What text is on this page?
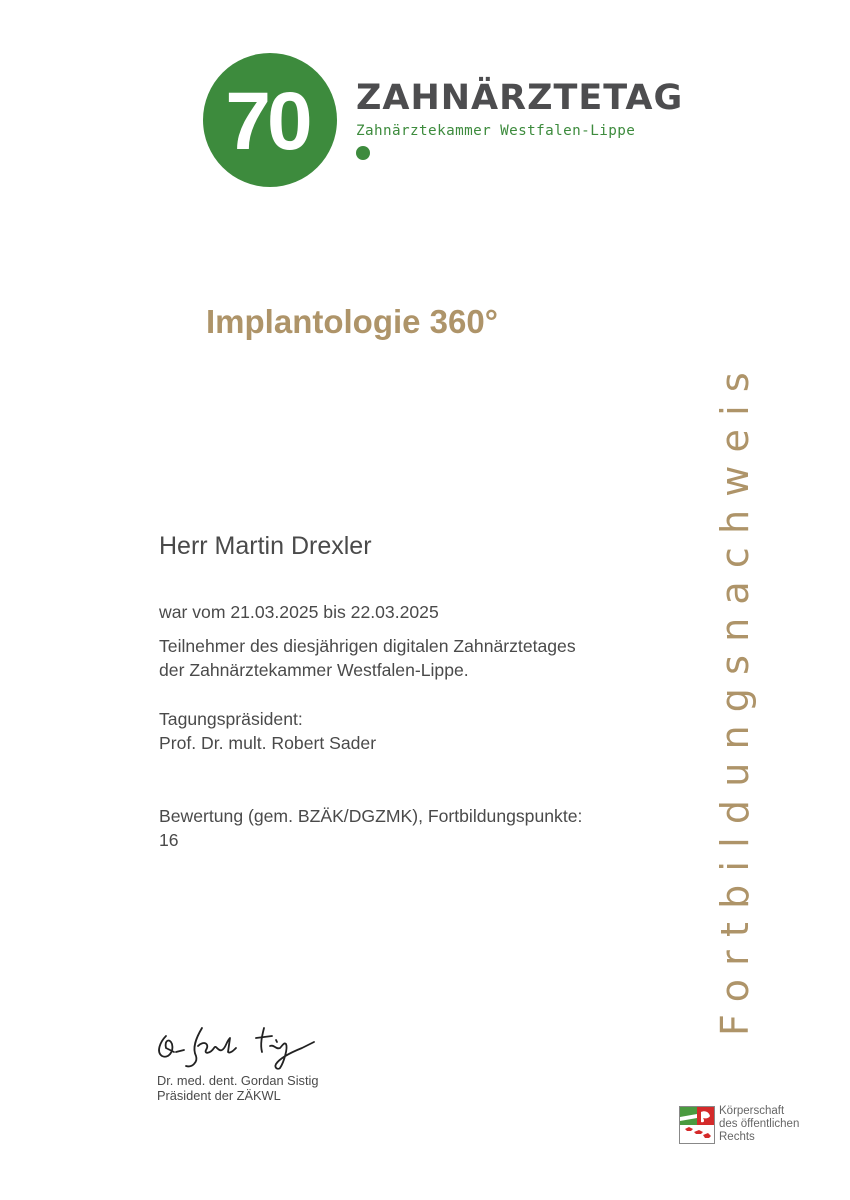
70 ZAHNÄRZTETAG
Zahnärztekammer Westfalen-Lippe
Implantologie 360°
Herr Martin Drexler
war vom 21.03.2025 bis 22.03.2025
Teilnehmer des diesjährigen digitalen Zahnärztetages
der Zahnärztekammer Westfalen-Lippe.
Tagungspräsident:
Prof. Dr. mult. Robert Sader
Bewertung (gem. BZÄK/DGZMK), Fortbildungspunkte:
16	Fortbildungsnachweis
Dr. med. dent. Gordan Sistig
Präsident der ZÄKWL
Körperschaft
des öffentlichen
Rechts
